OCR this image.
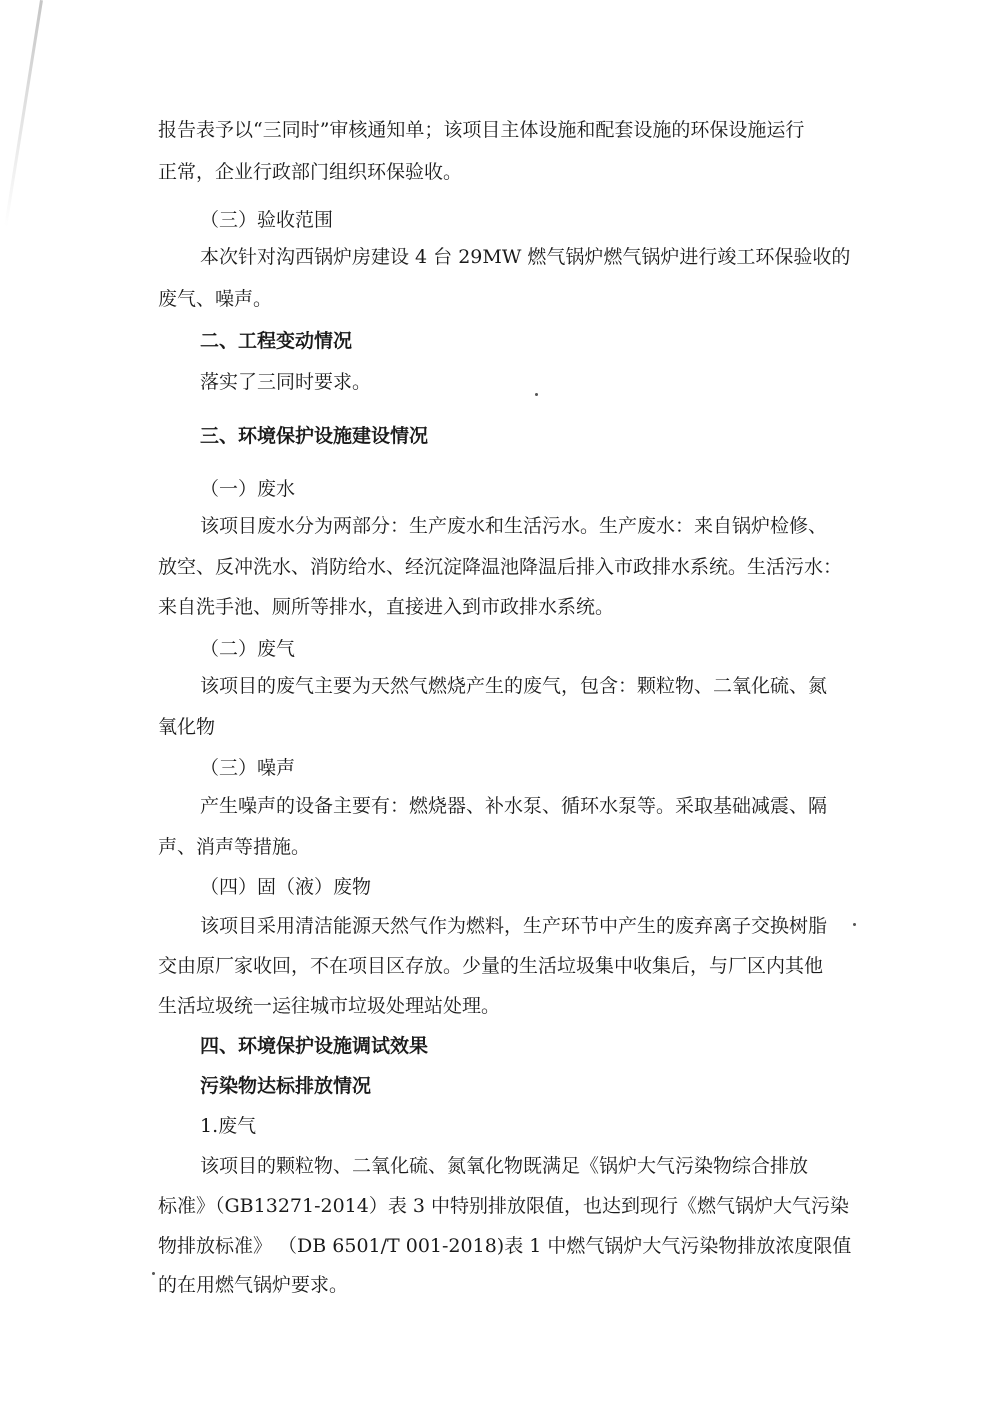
报告表予以“三同时”审核通知单；该项目主体设施和配套设施的环保设施运行
正常，企业行政部门组织环保验收。
（三）验收范围
本次针对沟西锅炉房建设 4 台 29MW 燃气锅炉燃气锅炉进行竣工环保验收的
废气、噪声。
二、工程变动情况
落实了三同时要求。
三、环境保护设施建设情况
（一）废水
该项目废水分为两部分：生产废水和生活污水。生产废水：来自锅炉检修、
放空、反冲洗水、消防给水、经沉淀降温池降温后排入市政排水系统。生活污水：
来自洗手池、厕所等排水，直接进入到市政排水系统。
（二）废气
该项目的废气主要为天然气燃烧产生的废气，包含：颗粒物、二氧化硫、氮
氧化物
（三）噪声
产生噪声的设备主要有：燃烧器、补水泵、循环水泵等。采取基础减震、隔
声、消声等措施。
（四）固（液）废物
该项目采用清洁能源天然气作为燃料，生产环节中产生的废弃离子交换树脂
交由原厂家收回，不在项目区存放。少量的生活垃圾集中收集后，与厂区内其他
生活垃圾统一运往城市垃圾处理站处理。
四、环境保护设施调试效果
污染物达标排放情况
1.废气
该项目的颗粒物、二氧化硫、氮氧化物既满足《锅炉大气污染物综合排放
标准》（GB13271-2014）表 3 中特别排放限值，也达到现行《燃气锅炉大气污染
物排放标准》 （DB 6501/T 001-2018)表 1 中燃气锅炉大气污染物排放浓度限值
的在用燃气锅炉要求。
